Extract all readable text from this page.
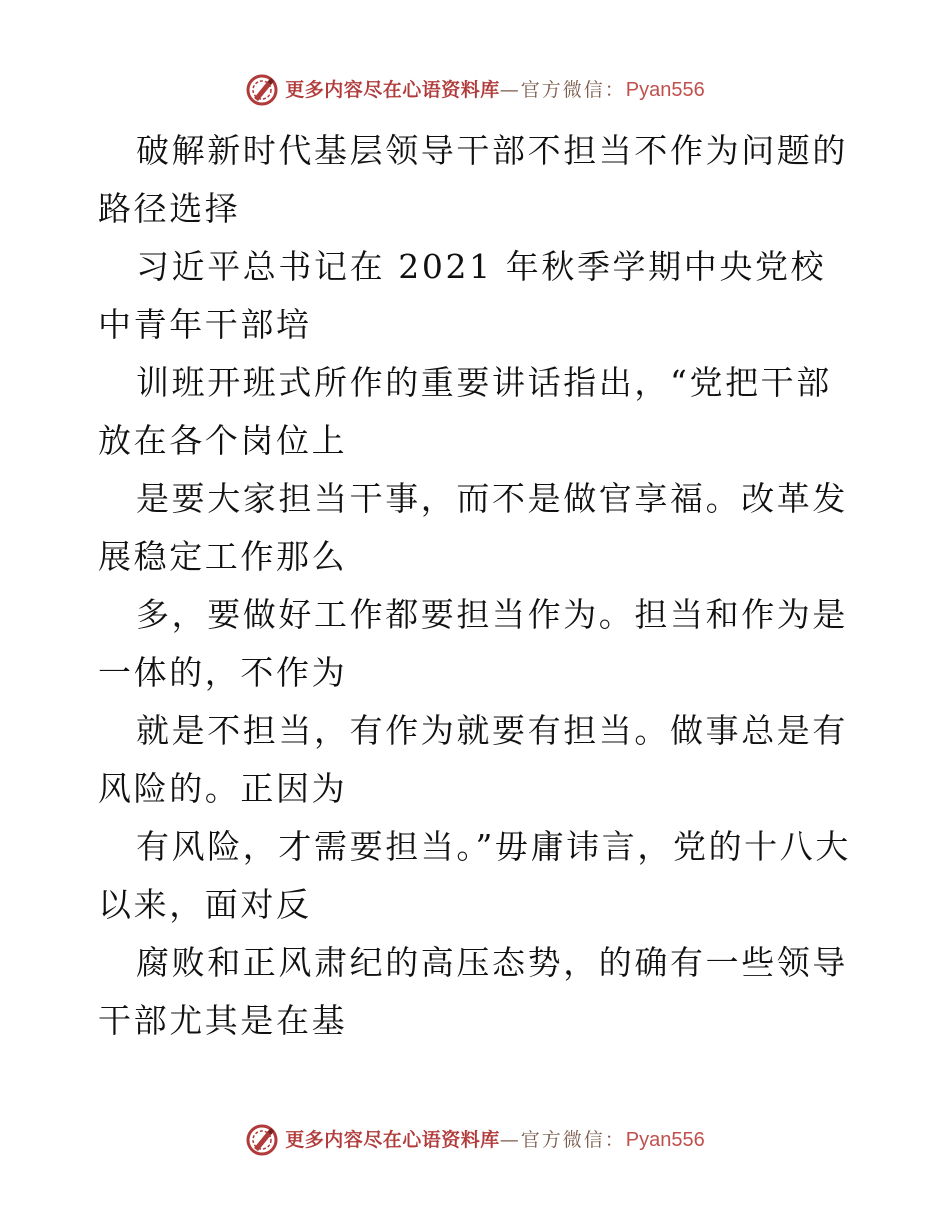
更多内容尽在心语资料库 —官方微信： Pyan556

破解新时代基层领导干部不担当不作为问题的路径选择

习近平总书记在 2021 年秋季学期中央党校中青年干部培

训班开班式所作的重要讲话指出，“党把干部放在各个岗位上

是要大家担当干事，而不是做官享福。改革发展稳定工作那么

多，要做好工作都要担当作为。担当和作为是一体的，不作为

就是不担当，有作为就要有担当。做事总是有风险的。正因为

有风险，才需要担当。”毋庸讳言，党的十八大以来，面对反

腐败和正风肃纪的高压态势，的确有一些领导干部尤其是在基

更多内容尽在心语资料库 —官方微信： Pyan556
